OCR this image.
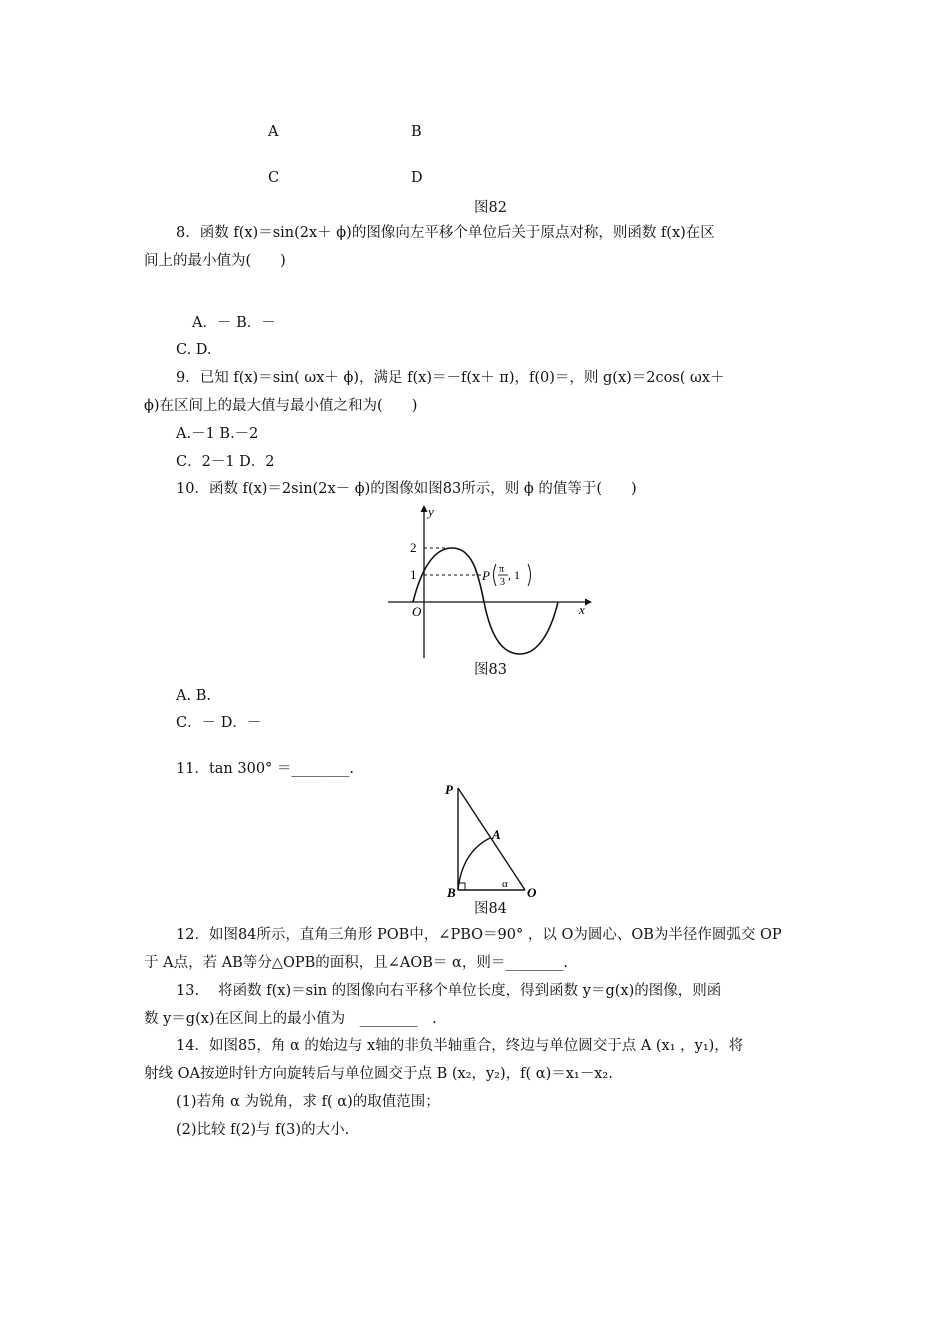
A	B
C	D
图82
8．函数 f(x)＝sin(2x＋ ϕ)的图像向左平移个单位后关于原点对称，则函数 f(x)在区
间上的最小值为(　　)
A．－ B．－
C. D.
9．已知 f(x)＝sin( ωx＋ ϕ)，满足 f(x)＝－f(x＋ π)，f(0)＝，则 g(x)＝2cos( ωx＋
ϕ)在区间上的最大值与最小值之和为(　　)
A.－1 B.－2
C．2－1 D．2
10．函数 f(x)＝2sin(2x－ ϕ)的图像如图83所示，则 ϕ 的值等于(　　)
y
x
O
2
1	P π
3
, 1
图83
A. B.
C．－ D．－
11．tan 300° ＝________.
P
A
B	O
α
图84
12．如图84所示，直角三角形 POB中，∠PBO＝90° ，以 O为圆心、OB为半径作圆弧交 OP
于 A点，若 AB等分△OPB的面积，且∠AOB＝ α，则＝________.
13.　 将函数 f(x)＝sin 的图像向右平移个单位长度，得到函数 y＝g(x)的图像，则函
数 y＝g(x)在区间上的最小值为　________　.
14．如图85，角 α 的始边与 x轴的非负半轴重合，终边与单位圆交于点 A (x₁ ，y₁)，将
射线 OA按逆时针方向旋转后与单位圆交于点 B (x₂，y₂)，f( α)＝x₁－x₂.
(1)若角 α 为锐角，求 f( α)的取值范围；
(2)比较 f(2)与 f(3)的大小.
